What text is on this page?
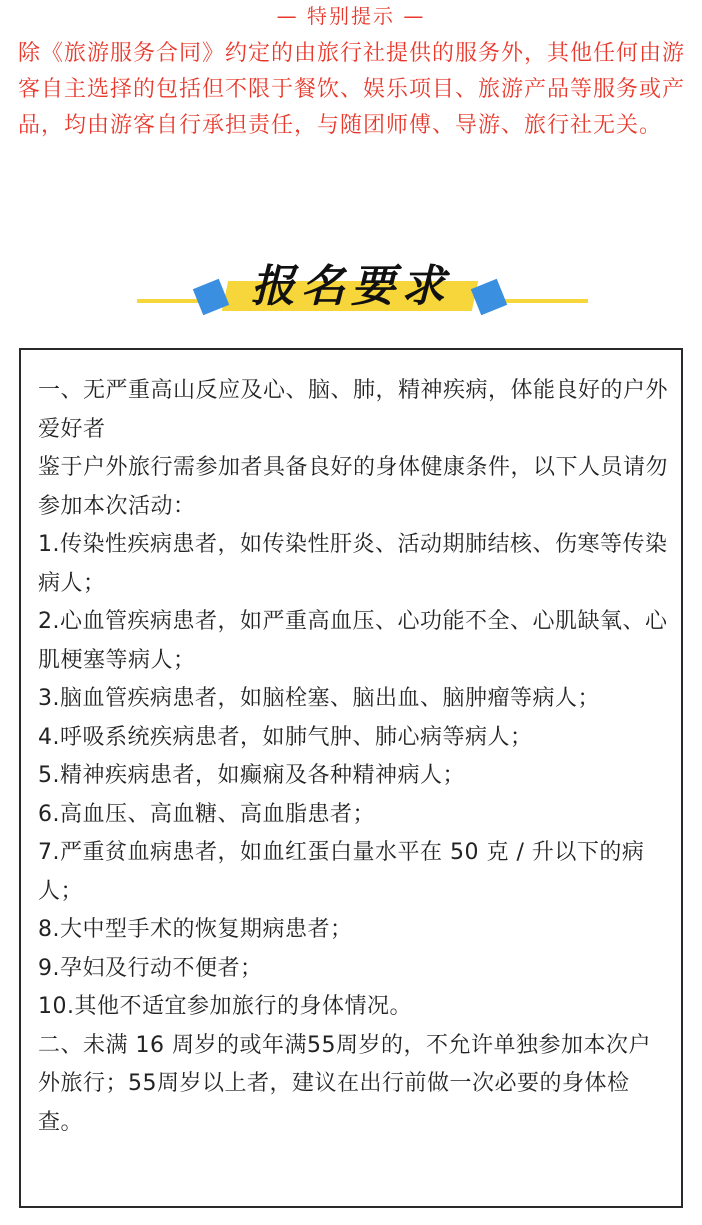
— 特别提示 —
除《旅游服务合同》约定的由旅行社提供的服务外，其他任何由游客自主选择的包括但不限于餐饮、娱乐项目、旅游产品等服务或产品，均由游客自行承担责任，与随团师傅、导游、旅行社无关。
报名要求
一、无严重高山反应及心、脑、肺，精神疾病，体能良好的户外爱好者
鉴于户外旅行需参加者具备良好的身体健康条件，以下人员请勿参加本次活动：
1.传染性疾病患者，如传染性肝炎、活动期肺结核、伤寒等传染病人；
2.心血管疾病患者，如严重高血压、心功能不全、心肌缺氧、心肌梗塞等病人；
3.脑血管疾病患者，如脑栓塞、脑出血、脑肿瘤等病人；
4.呼吸系统疾病患者，如肺气肿、肺心病等病人；
5.精神疾病患者，如癫痫及各种精神病人；
6.高血压、高血糖、高血脂患者；
7.严重贫血病患者，如血红蛋白量水平在 50 克 / 升以下的病人；
8.大中型手术的恢复期病患者；
9.孕妇及行动不便者；
10.其他不适宜参加旅行的身体情况。
二、未满 16 周岁的或年满55周岁的，不允许单独参加本次户外旅行；55周岁以上者，建议在出行前做一次必要的身体检查。
